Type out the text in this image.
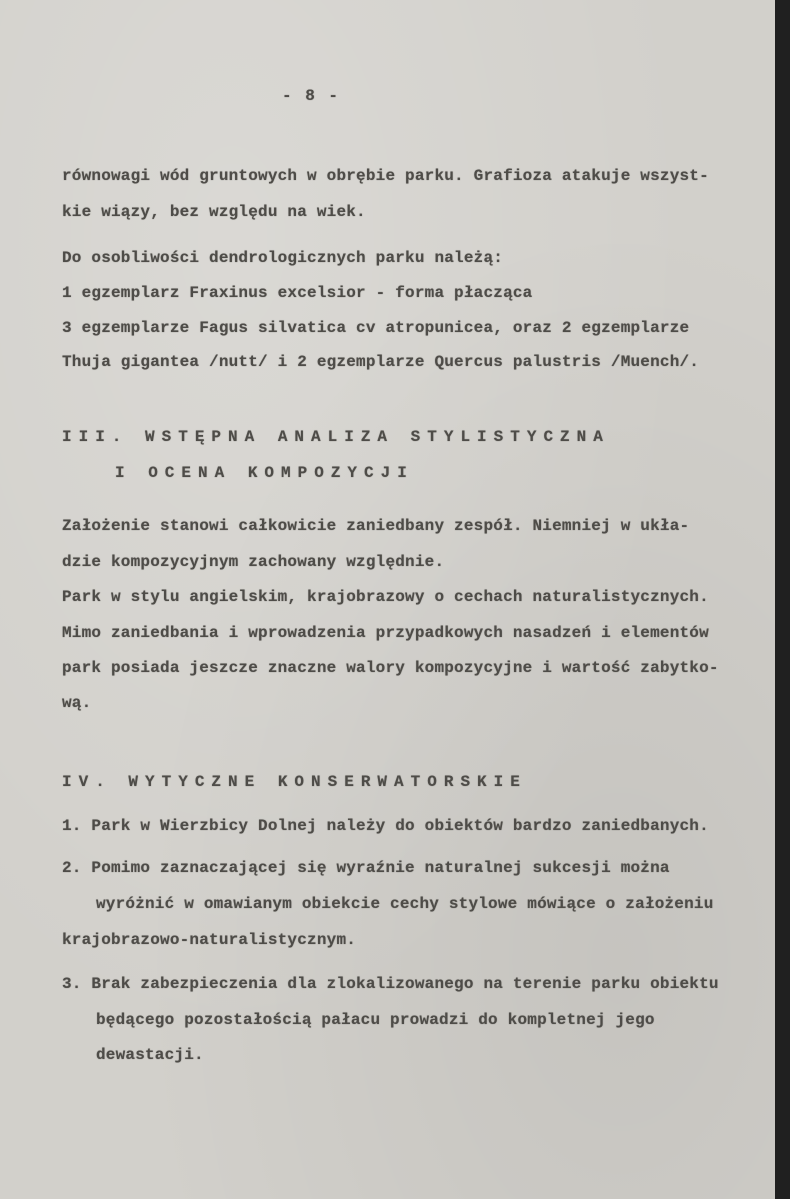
- 8 -
równowagi wód gruntowych w obrębie parku. Grafioza atakuje wszyst-
kie wiązy, bez względu na wiek.
Do osobliwości dendrologicznych parku należą:
1 egzemplarz Fraxinus excelsior - forma płacząca
3 egzemplarze Fagus silvatica cv atropunicea, oraz 2 egzemplarze
Thuja gigantea /nutt/ i 2 egzemplarze Quercus palustris /Muench/.
III. WSTĘPNA ANALIZA STYLISTYCZNA
I OCENA KOMPOZYCJI
Założenie stanowi całkowicie zaniedbany zespół. Niemniej w ukła-
dzie kompozycyjnym zachowany względnie.
Park w stylu angielskim, krajobrazowy o cechach naturalistycznych.
Mimo zaniedbania i wprowadzenia przypadkowych nasadzeń i elementów
park posiada jeszcze znaczne walory kompozycyjne i wartość zabytko-
wą.
IV. WYTYCZNE KONSERWATORSKIE
1. Park w Wierzbicy Dolnej należy do obiektów bardzo zaniedbanych.
2. Pomimo zaznaczającej się wyraźnie naturalnej sukcesji można
wyróżnić w omawianym obiekcie cechy stylowe mówiące o założeniu
krajobrazowo-naturalistycznym.
3. Brak zabezpieczenia dla zlokalizowanego na terenie parku obiektu
będącego pozostałością pałacu prowadzi do kompletnej jego
dewastacji.
